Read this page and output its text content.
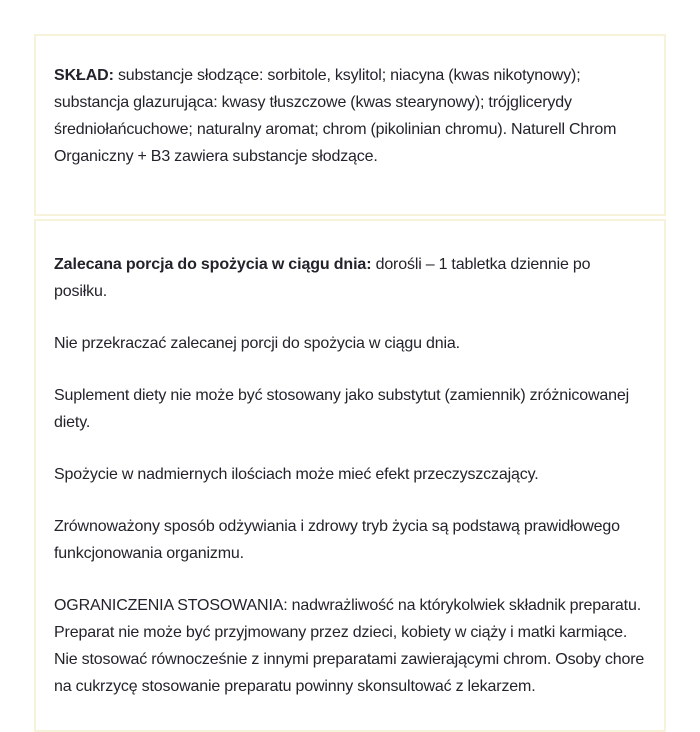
SKŁAD: substancje słodzące: sorbitole, ksylitol; niacyna (kwas nikotynowy); substancja glazurująca: kwasy tłuszczowe (kwas stearynowy); trójglicerydy średniołańcuchowe; naturalny aromat; chrom (pikolinian chromu). Naturell Chrom Organiczny + B3 zawiera substancje słodzące.

Zalecana porcja do spożycia w ciągu dnia: dorośli – 1 tabletka dziennie po posiłku.

Nie przekraczać zalecanej porcji do spożycia w ciągu dnia.

Suplement diety nie może być stosowany jako substytut (zamiennik) zróżnicowanej diety.

Spożycie w nadmiernych ilościach może mieć efekt przeczyszczający.

Zrównoważony sposób odżywiania i zdrowy tryb życia są podstawą prawidłowego funkcjonowania organizmu.

OGRANICZENIA STOSOWANIA: nadwrażliwość na którykolwiek składnik preparatu. Preparat nie może być przyjmowany przez dzieci, kobiety w ciąży i matki karmiące. Nie stosować równocześnie z innymi preparatami zawierającymi chrom. Osoby chore na cukrzycę stosowanie preparatu powinny skonsultować z lekarzem.
